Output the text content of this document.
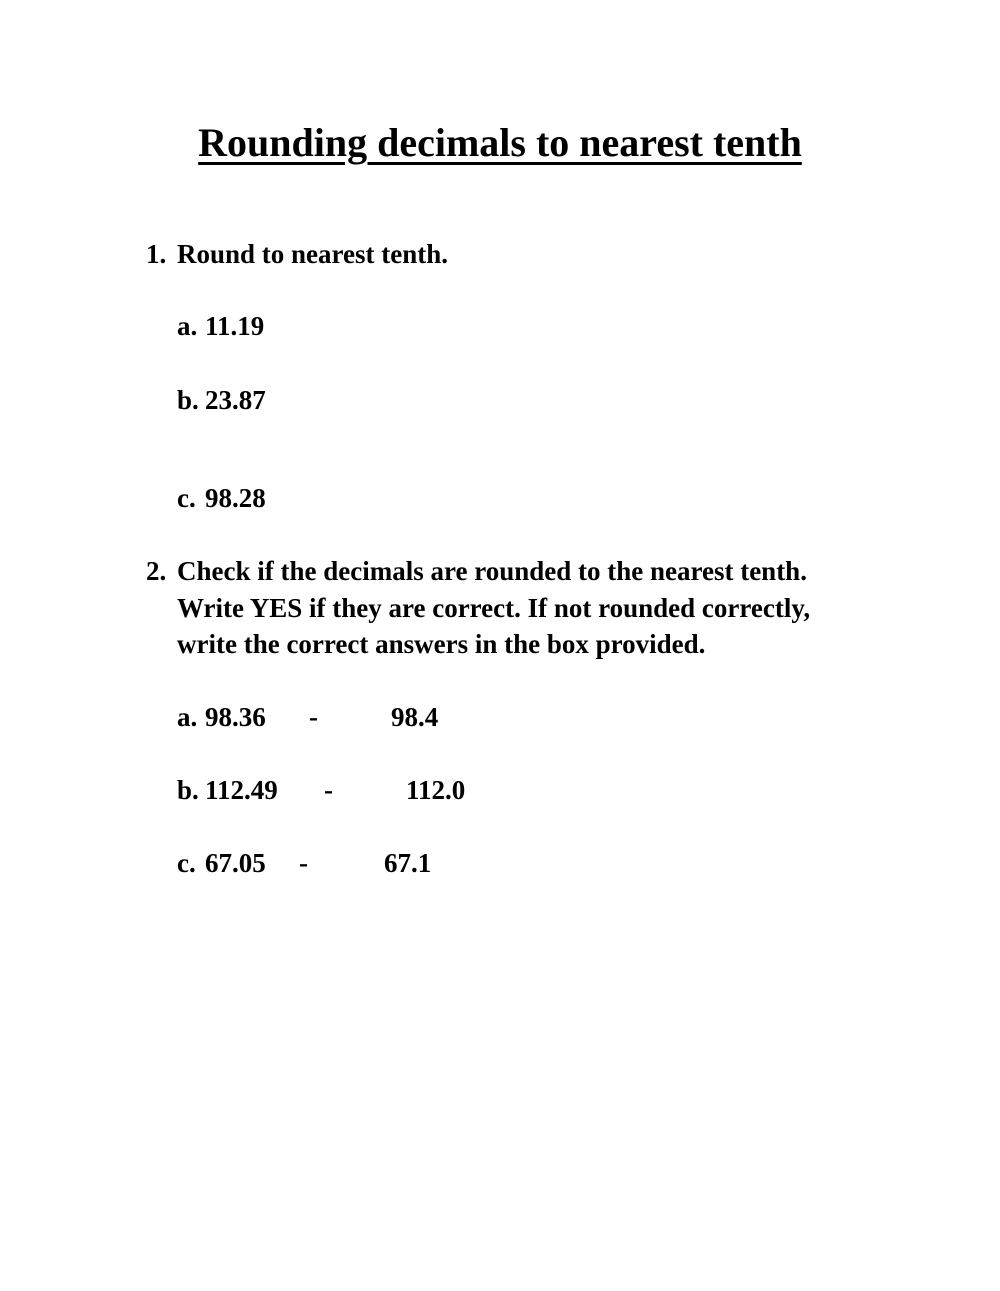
Rounding decimals to nearest tenth
1. Round to nearest tenth.
a. 11.19
b. 23.87
c. 98.28
2. Check if the decimals are rounded to the nearest tenth.
Write YES if they are correct. If not rounded correctly,
write the correct answers in the box provided.
a. 98.36 -	98.4
b. 112.49 -	112.0
c. 67.05 -	67.1
